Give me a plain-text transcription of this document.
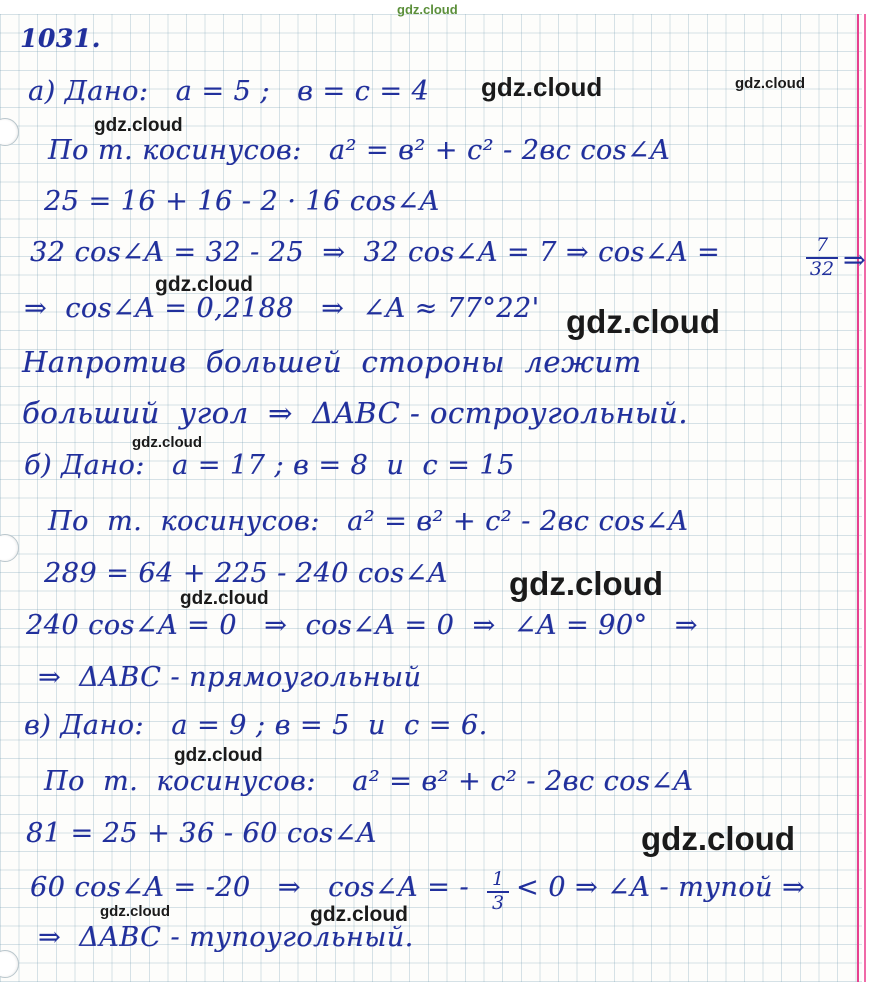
1031.
а) Дано:   а = 5 ;   в = с = 4
По т. косинусов:   а² = в² + с² - 2вс cos∠A
25 = 16 + 16 - 2 · 16 cos∠A
32 cos∠A = 32 - 25  ⇒  32 cos∠A = 7 ⇒ cos∠A =	7
32 ⇒
⇒  cos∠A = 0,2188   ⇒  ∠A ≈ 77°22'
Напротив  большей  стороны  лежит
больший  угол  ⇒  ΔABC - остроугольный.
б) Дано:   а = 17 ; в = 8  и  с = 15
По  т.  косинусов:   а² = в² + с² - 2вс cos∠A
289 = 64 + 225 - 240 cos∠A
240 cos∠A = 0   ⇒  cos∠A = 0  ⇒  ∠A = 90°   ⇒
⇒  ΔABC - прямоугольный
в) Дано:   а = 9 ; в = 5  и  с = 6.
По  т.  косинусов:    а² = в² + с² - 2вс cos∠A
81 = 25 + 36 - 60 cos∠A
60 cos∠A = -20   ⇒   cos∠A = - 1
3 < 0 ⇒ ∠A - тупой ⇒
⇒  ΔABC - тупоугольный.
gdz.cloud
gdz.cloud	gdz.cloud
gdz.cloud
gdz.cloud
gdz.cloud
gdz.cloud
gdz.cloud
gdz.cloud
gdz.cloud
gdz.cloud
gdz.cloud	gdz.cloud
